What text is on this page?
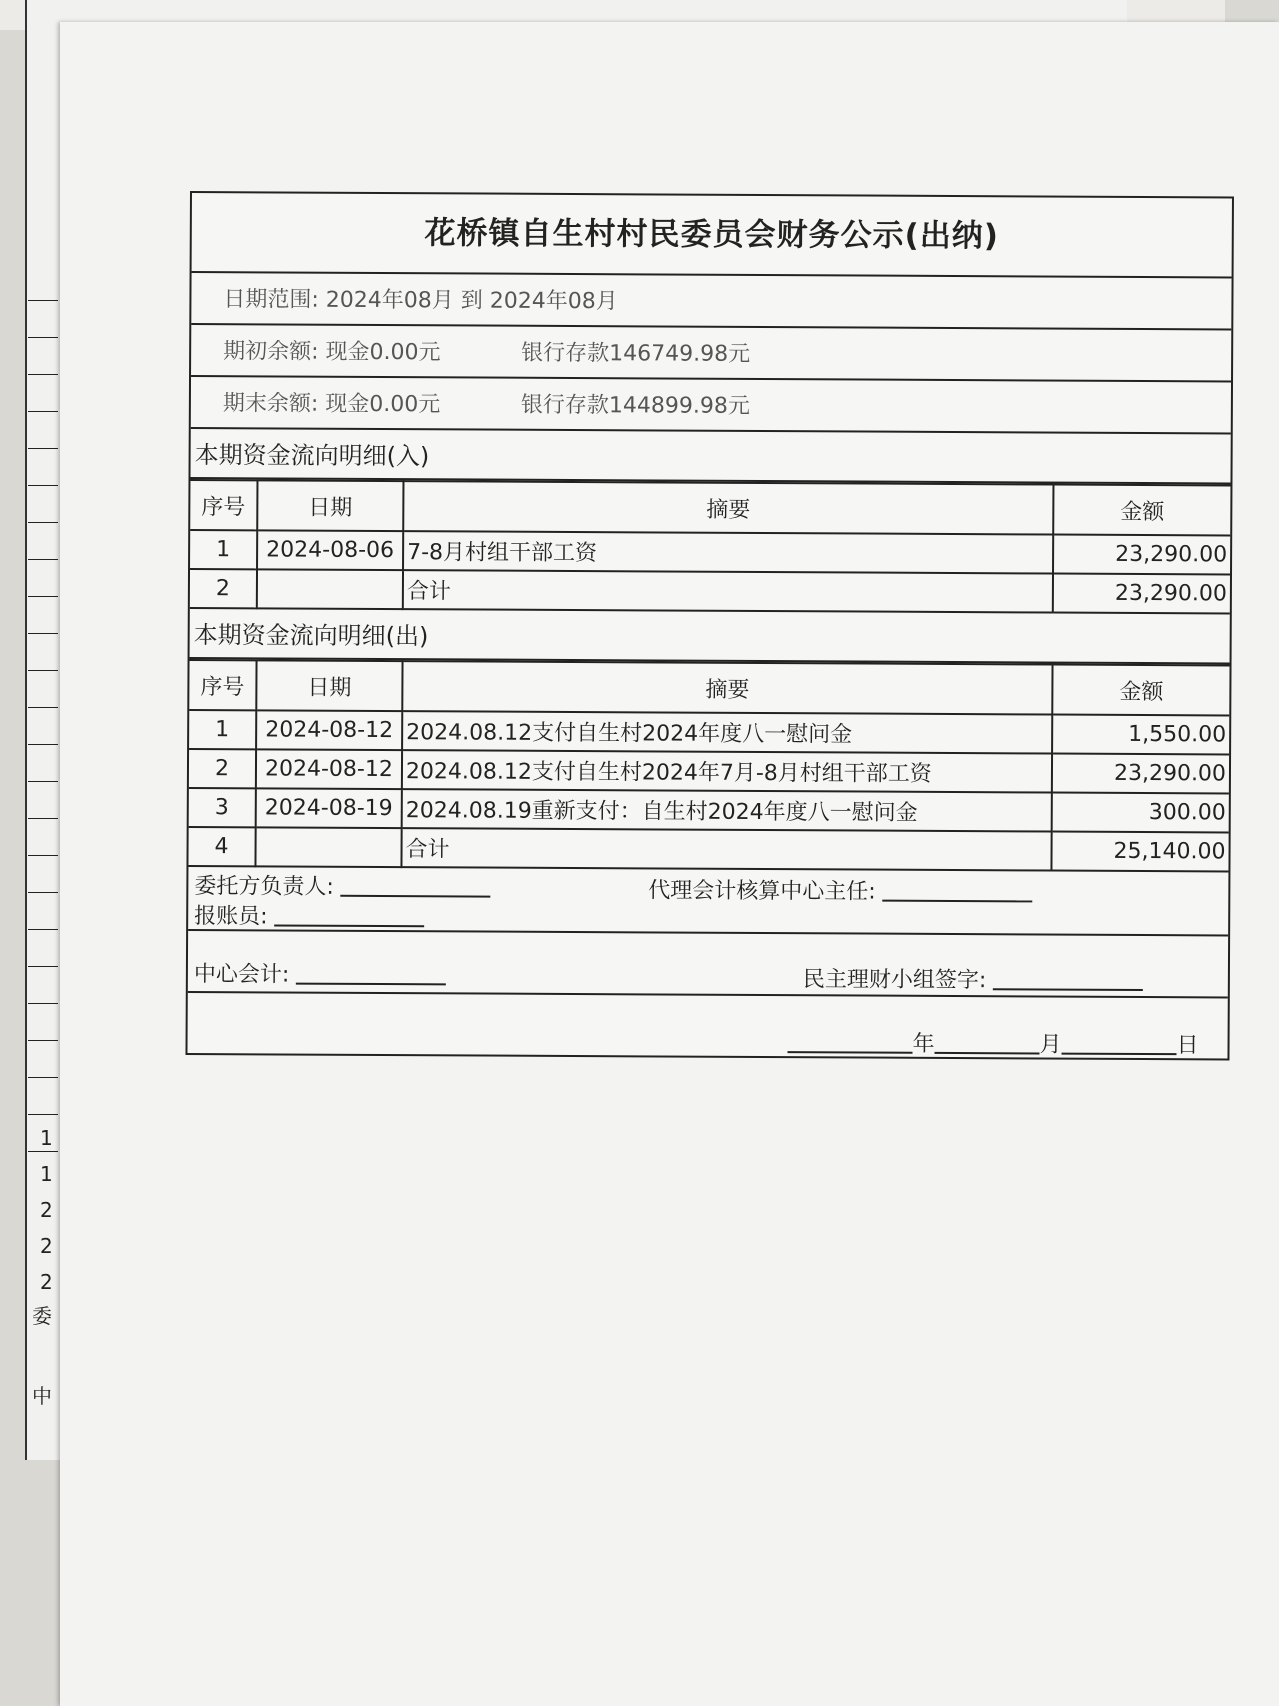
1
1
2
2
2
委
中
花桥镇自生村村民委员会财务公示(出纳)
日期范围: 2024年08月 到 2024年08月
期初余额: 现金0.00元	银行存款146749.98元
期末余额: 现金0.00元	银行存款144899.98元
本期资金流向明细(入)
序号	日期	摘要	金额
1	2024-08-06	7-8月村组干部工资	23,290.00
2		合计	23,290.00
本期资金流向明细(出)
序号	日期	摘要	金额
1	2024-08-12	2024.08.12支付自生村2024年度八一慰问金	1,550.00
2	2024-08-12	2024.08.12支付自生村2024年7月-8月村组干部工资	23,290.00
3	2024-08-19	2024.08.19重新支付：自生村2024年度八一慰问金	300.00
4		合计	25,140.00
委托方负责人:	代理会计核算中心主任:
报账员:
中心会计:	民主理财小组签字:
年	月	日
